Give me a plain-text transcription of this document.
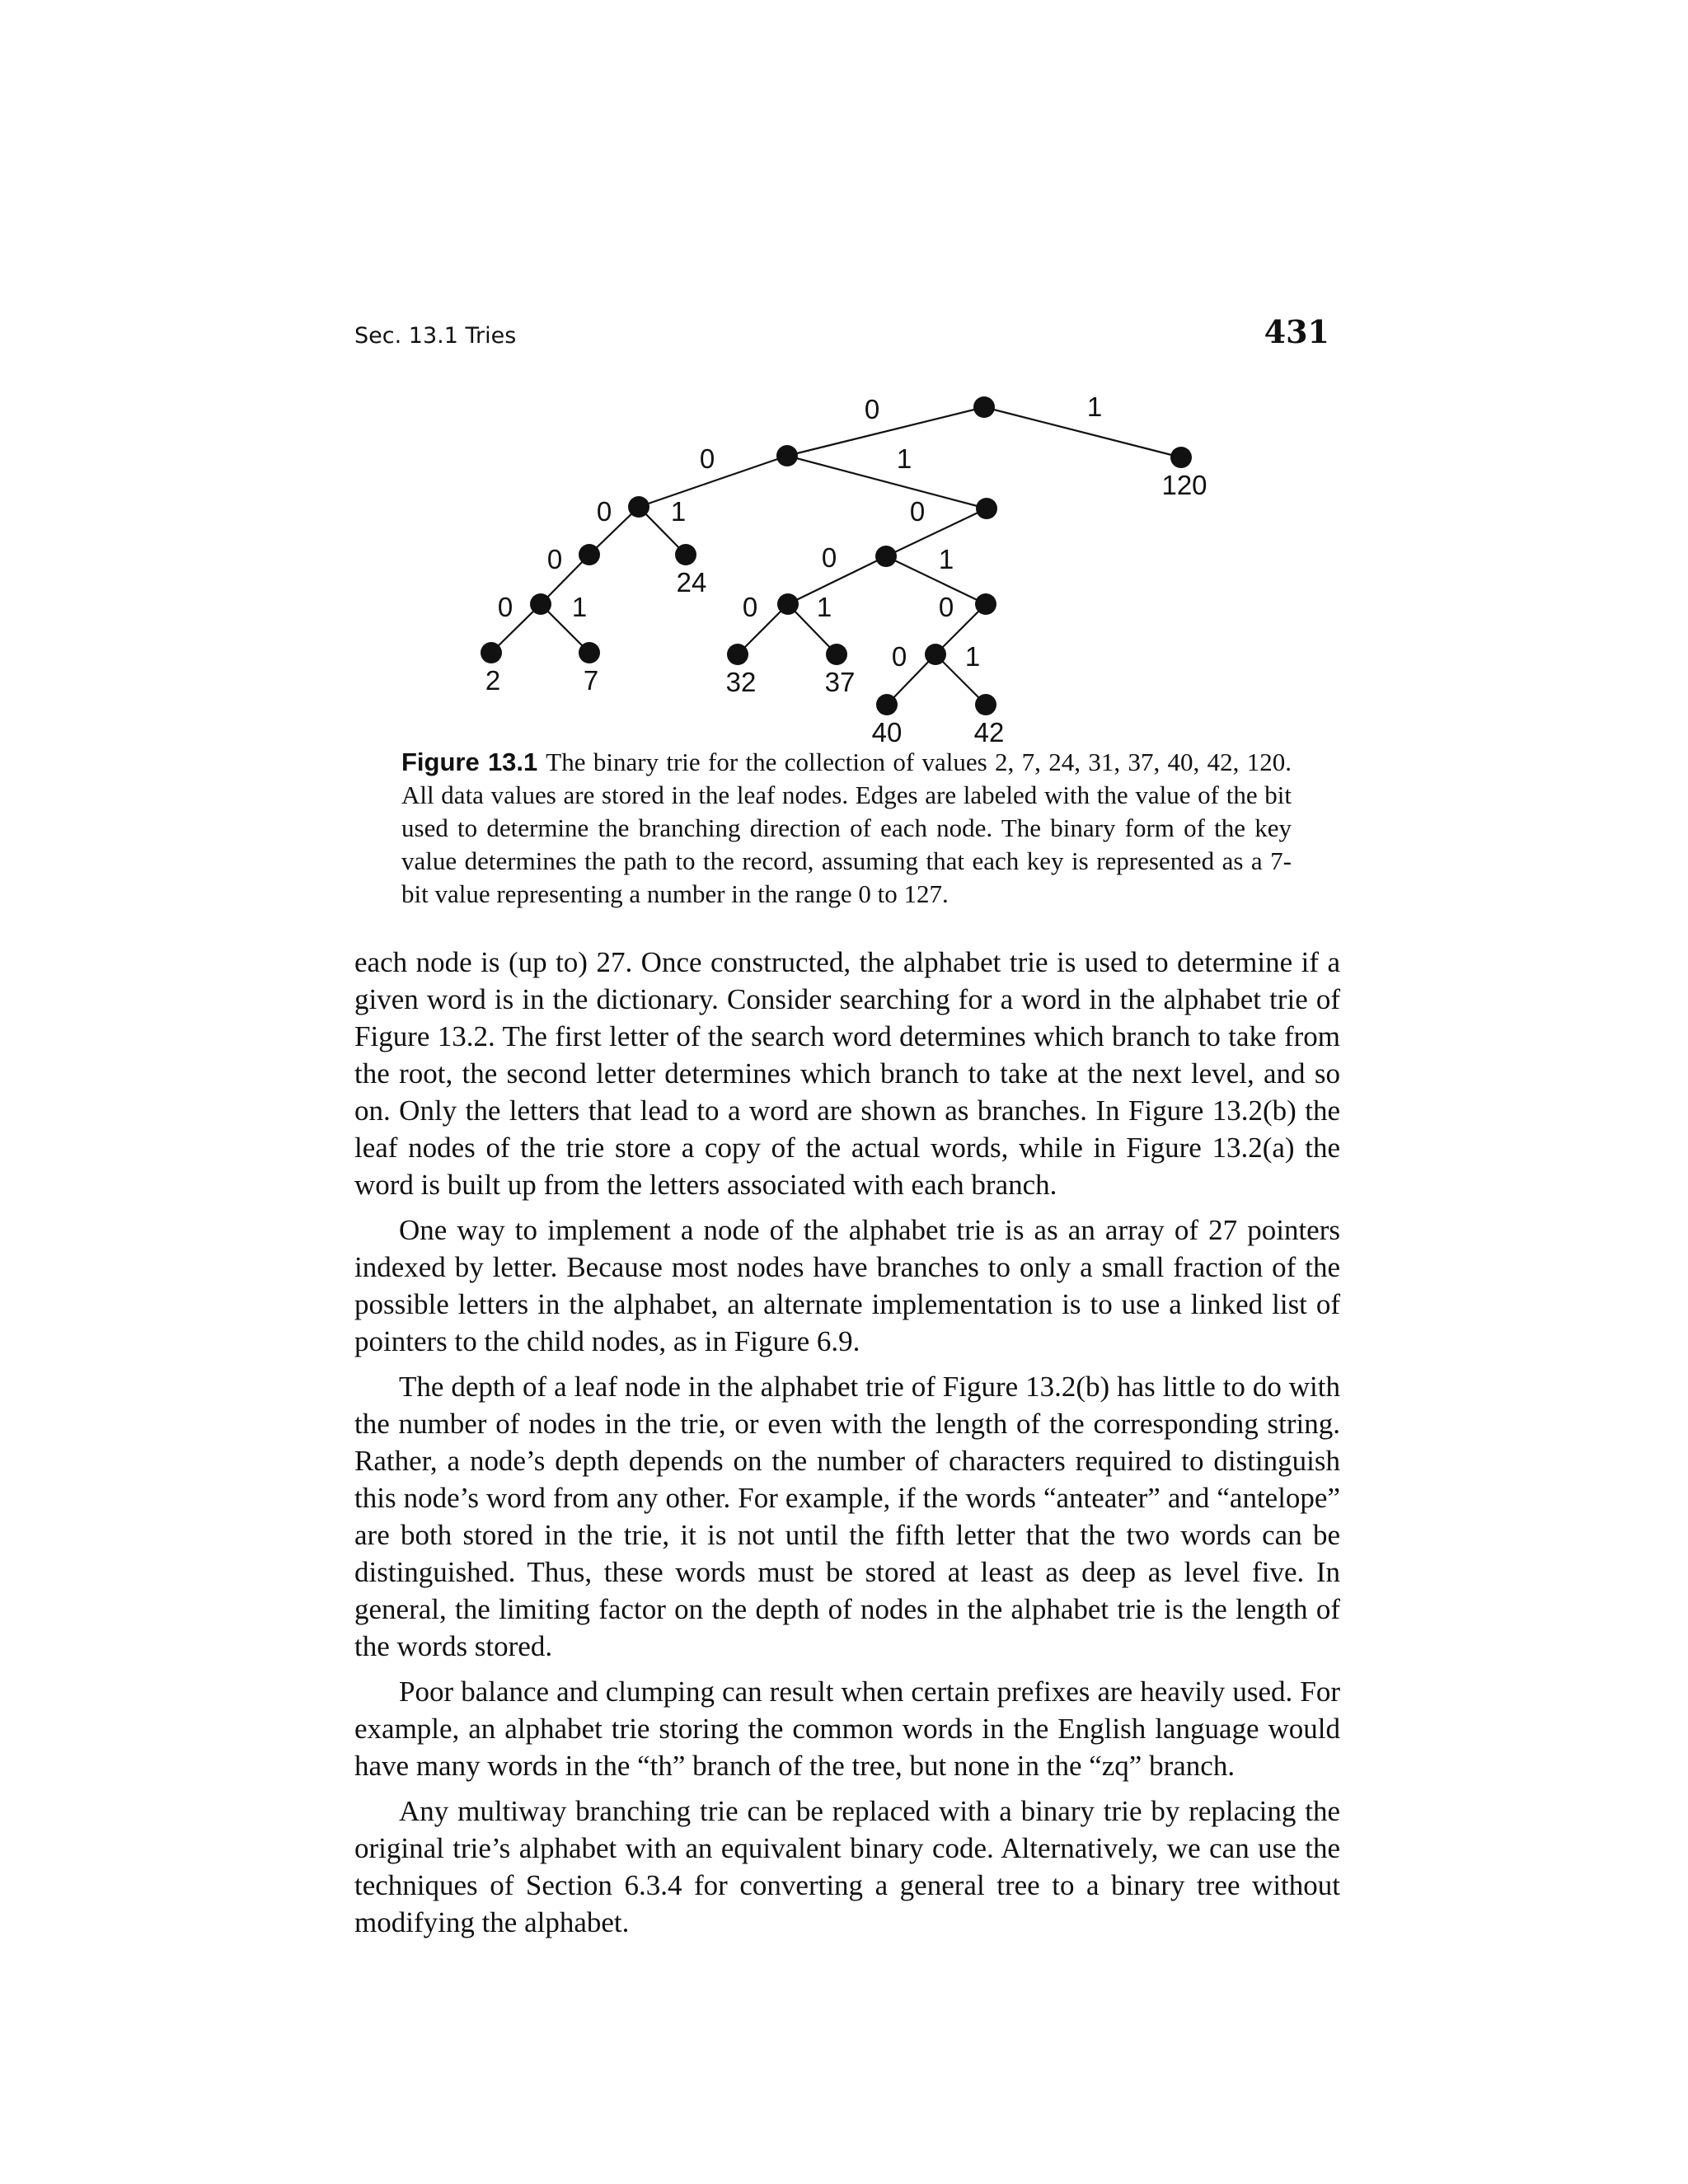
Sec. 13.1 Tries	431
0	1
0	1
0 1
0
0 1
0
0	1
0 1	0
0 1
120
24
2	7	32	37
40	42
Figure 13.1 The binary trie for the collection of values 2, 7, 24, 31, 37, 40, 42, 120. All data values are stored in the leaf nodes. Edges are labeled with the value of the bit used to determine the branching direction of each node. The binary form of the key value determines the path to the record, assuming that each key is represented as a 7-bit value representing a number in the range 0 to 127.

each node is (up to) 27. Once constructed, the alphabet trie is used to determine if a given word is in the dictionary. Consider searching for a word in the alphabet trie of Figure 13.2. The first letter of the search word determines which branch to take from the root, the second letter determines which branch to take at the next level, and so on. Only the letters that lead to a word are shown as branches. In Figure 13.2(b) the leaf nodes of the trie store a copy of the actual words, while in Figure 13.2(a) the word is built up from the letters associated with each branch.

One way to implement a node of the alphabet trie is as an array of 27 pointers indexed by letter. Because most nodes have branches to only a small fraction of the possible letters in the alphabet, an alternate implementation is to use a linked list of pointers to the child nodes, as in Figure 6.9.

The depth of a leaf node in the alphabet trie of Figure 13.2(b) has little to do with the number of nodes in the trie, or even with the length of the corresponding string. Rather, a node’s depth depends on the number of characters required to distinguish this node’s word from any other. For example, if the words “anteater” and “antelope” are both stored in the trie, it is not until the fifth letter that the two words can be distinguished. Thus, these words must be stored at least as deep as level five. In general, the limiting factor on the depth of nodes in the alphabet trie is the length of the words stored.

Poor balance and clumping can result when certain prefixes are heavily used. For example, an alphabet trie storing the common words in the English language would have many words in the “th” branch of the tree, but none in the “zq” branch.

Any multiway branching trie can be replaced with a binary trie by replacing the original trie’s alphabet with an equivalent binary code. Alternatively, we can use the techniques of Section 6.3.4 for converting a general tree to a binary tree without modifying the alphabet.
